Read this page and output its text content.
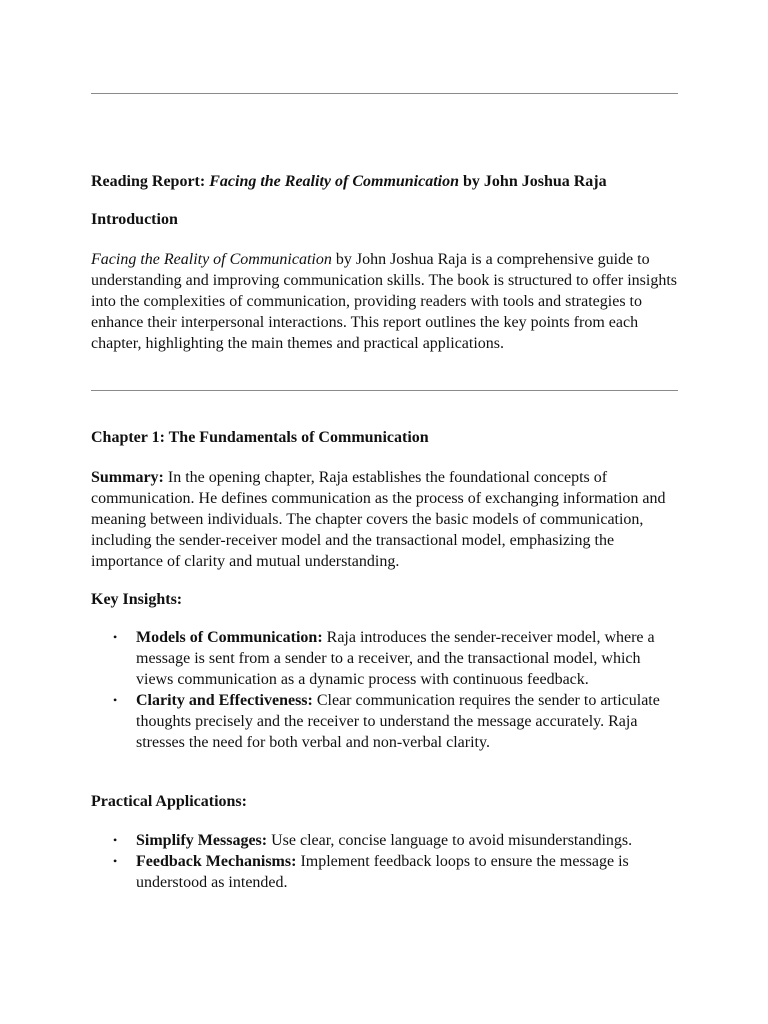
Reading Report: Facing the Reality of Communication by John Joshua Raja

Introduction

Facing the Reality of Communication by John Joshua Raja is a comprehensive guide to understanding and improving communication skills. The book is structured to offer insights into the complexities of communication, providing readers with tools and strategies to enhance their interpersonal interactions. This report outlines the key points from each chapter, highlighting the main themes and practical applications.

Chapter 1: The Fundamentals of Communication

Summary: In the opening chapter, Raja establishes the foundational concepts of communication. He defines communication as the process of exchanging information and meaning between individuals. The chapter covers the basic models of communication, including the sender-receiver model and the transactional model, emphasizing the importance of clarity and mutual understanding.

Key Insights:

• Models of Communication: Raja introduces the sender-receiver model, where a message is sent from a sender to a receiver, and the transactional model, which views communication as a dynamic process with continuous feedback.
• Clarity and Effectiveness: Clear communication requires the sender to articulate thoughts precisely and the receiver to understand the message accurately. Raja stresses the need for both verbal and non-verbal clarity.

Practical Applications:

• Simplify Messages: Use clear, concise language to avoid misunderstandings.
• Feedback Mechanisms: Implement feedback loops to ensure the message is understood as intended.
